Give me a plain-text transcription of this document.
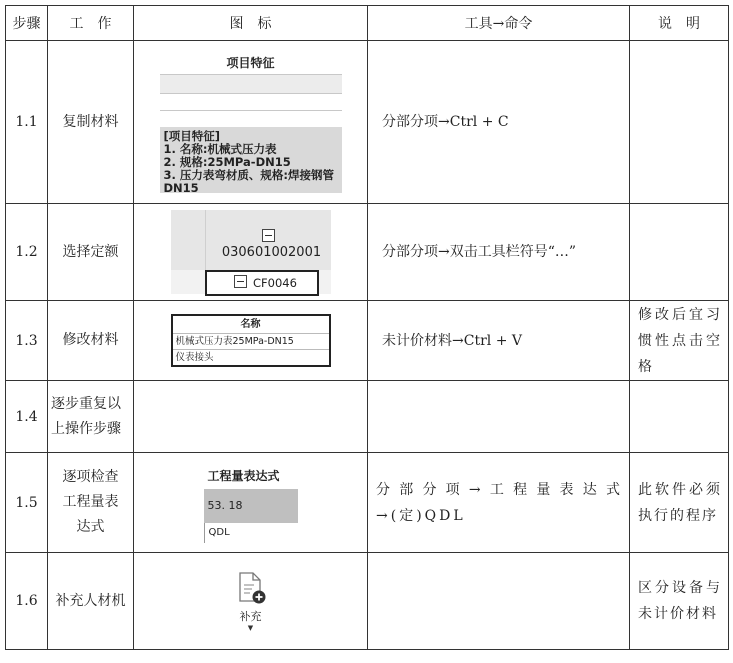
步骤	工　作	图　标	工具→命令	说　明
1.1	复制材料	项目特征
[项目特征]
1. 名称:机械式压力表
2. 规格:25MPa-DN15
3. 压力表弯材质、规格:焊接钢管DN15	分部分项→Ctrl + C	
1.2	选择定额	030601002001
CF0046	分部分项→双击工具栏符号“…”	
1.3	修改材料	名称
机械式压力表25MPa-DN15
仪表接头	未计价材料→Ctrl + V	修改后宜习惯性点击空格
1.4	逐步重复以上操作步骤			
1.5	逐项检查工程量表达式	工程量表达式
53. 18
QDL	分部分项→工程量表达式→(定)QDL	此软件必须执行的程序
1.6	补充人材机	补充
▼		区分设备与未计价材料
